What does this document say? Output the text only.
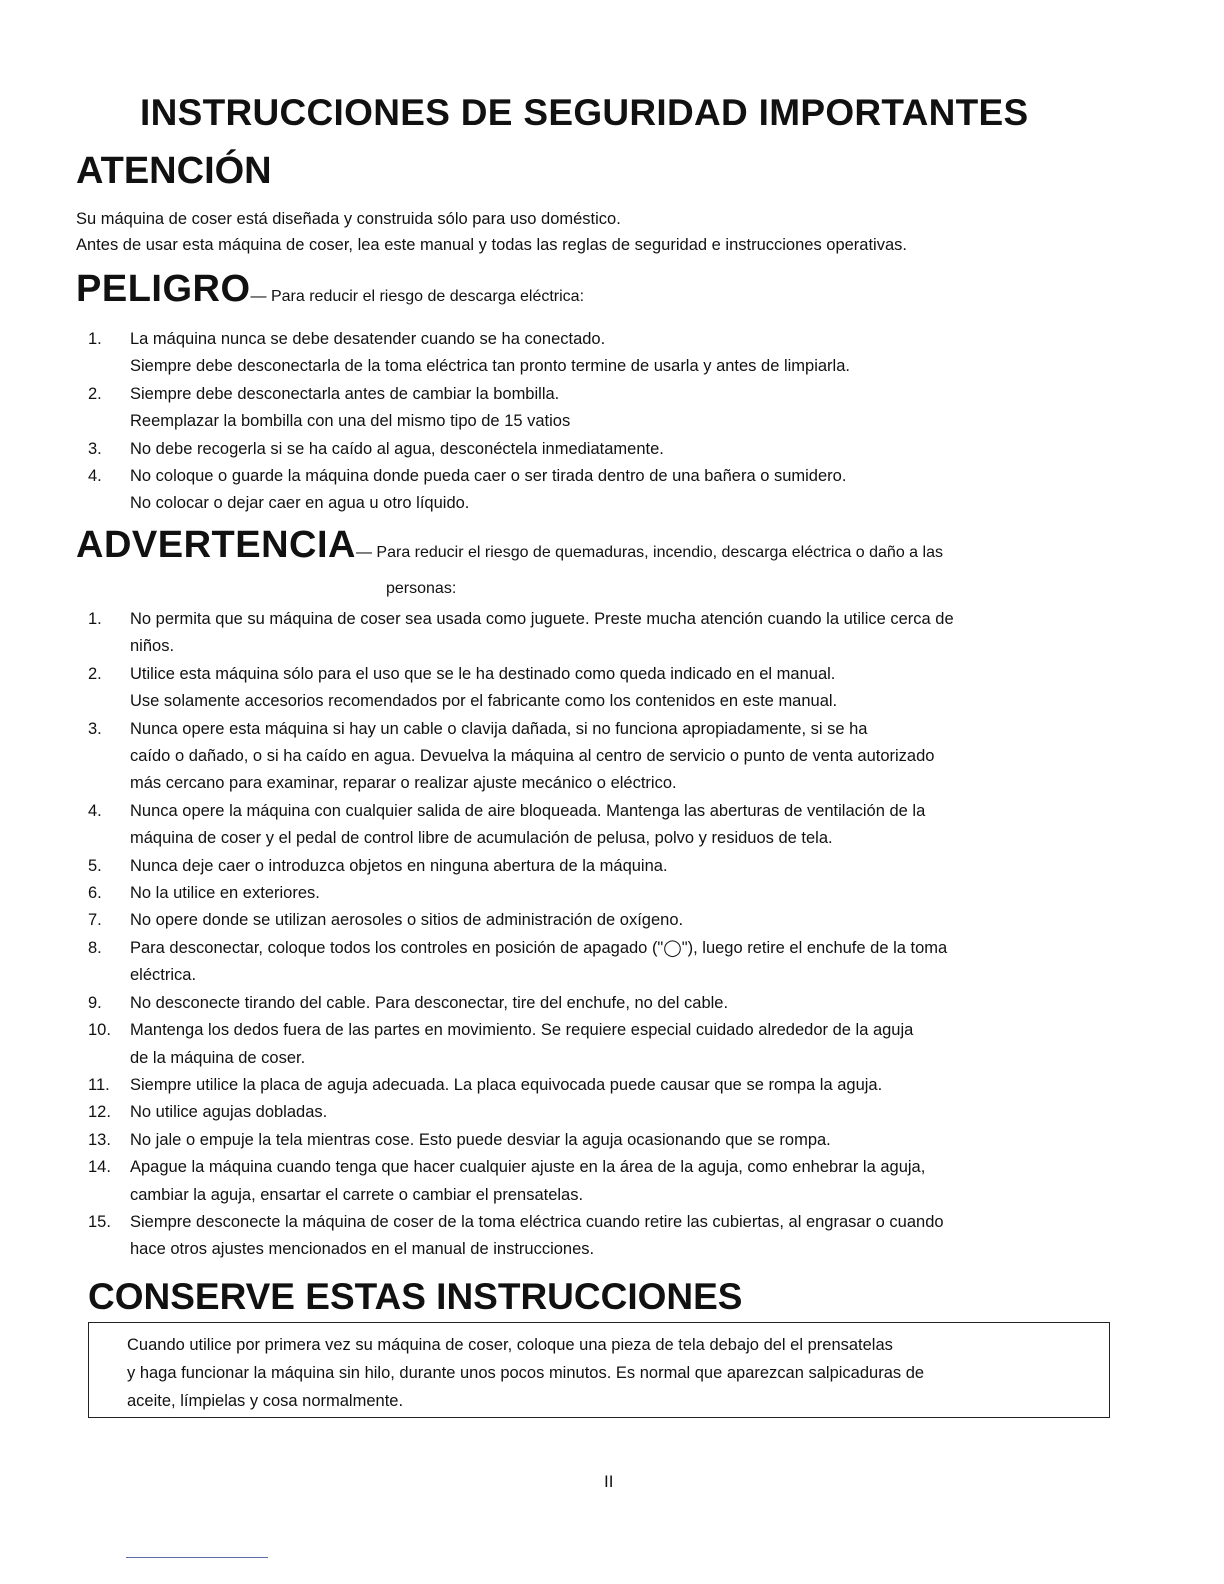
INSTRUCCIONES DE SEGURIDAD IMPORTANTES
ATENCIÓN

Su máquina de coser está diseñada y construida sólo para uso doméstico.

Antes de usar esta máquina de coser, lea este manual y todas las reglas de seguridad e instrucciones operativas.

PELIGRO— Para reducir el riesgo de descarga eléctrica:
1.	La máquina nunca se debe desatender cuando se ha conectado.
Siempre debe desconectarla de la toma eléctrica tan pronto termine de usarla y antes de limpiarla.
2.	Siempre debe desconectarla antes de cambiar la bombilla.
Reemplazar la bombilla con una del mismo tipo de 15 vatios
3.	No debe recogerla si se ha caído al agua, desconéctela inmediatamente.
4.	No coloque o guarde la máquina donde pueda caer o ser tirada dentro de una bañera o sumidero.
No colocar o dejar caer en agua u otro líquido.
ADVERTENCIA— Para reducir el riesgo de quemaduras, incendio, descarga eléctrica o daño a las
personas:
1.	No permita que su máquina de coser sea usada como juguete. Preste mucha atención cuando la utilice cerca de
niños.
2.	Utilice esta máquina sólo para el uso que se le ha destinado como queda indicado en el manual.
Use solamente accesorios recomendados por el fabricante como los contenidos en este manual.
3.	Nunca opere esta máquina si hay un cable o clavija dañada, si no funciona apropiadamente, si se ha
caído o dañado, o si ha caído en agua. Devuelva la máquina al centro de servicio o punto de venta autorizado
más cercano para examinar, reparar o realizar ajuste mecánico o eléctrico.
4.	Nunca opere la máquina con cualquier salida de aire bloqueada. Mantenga las aberturas de ventilación de la
máquina de coser y el pedal de control libre de acumulación de pelusa, polvo y residuos de tela.
5.	Nunca deje caer o introduzca objetos en ninguna abertura de la máquina.
6.	No la utilice en exteriores.
7.	No opere donde se utilizan aerosoles o sitios de administración de oxígeno.
8.	Para desconectar, coloque todos los controles en posición de apagado ("◯"), luego retire el enchufe de la toma
eléctrica.
9.	No desconecte tirando del cable. Para desconectar, tire del enchufe, no del cable.
10.	Mantenga los dedos fuera de las partes en movimiento. Se requiere especial cuidado alrededor de la aguja
de la máquina de coser.
11.	Siempre utilice la placa de aguja adecuada. La placa equivocada puede causar que se rompa la aguja.
12.	No utilice agujas dobladas.
13.	No jale o empuje la tela mientras cose. Esto puede desviar la aguja ocasionando que se rompa.
14.	Apague la máquina cuando tenga que hacer cualquier ajuste en la área de la aguja, como enhebrar la aguja,
cambiar la aguja, ensartar el carrete o cambiar el prensatelas.
15.	Siempre desconecte la máquina de coser de la toma eléctrica cuando retire las cubiertas, al engrasar o cuando
hace otros ajustes mencionados en el manual de instrucciones.
CONSERVE ESTAS INSTRUCCIONES

Cuando utilice por primera vez su máquina de coser, coloque una pieza de tela debajo del el prensatelas

y haga funcionar la máquina sin hilo, durante unos pocos minutos. Es normal que aparezcan salpicaduras de

aceite, límpielas y cosa normalmente.

II
